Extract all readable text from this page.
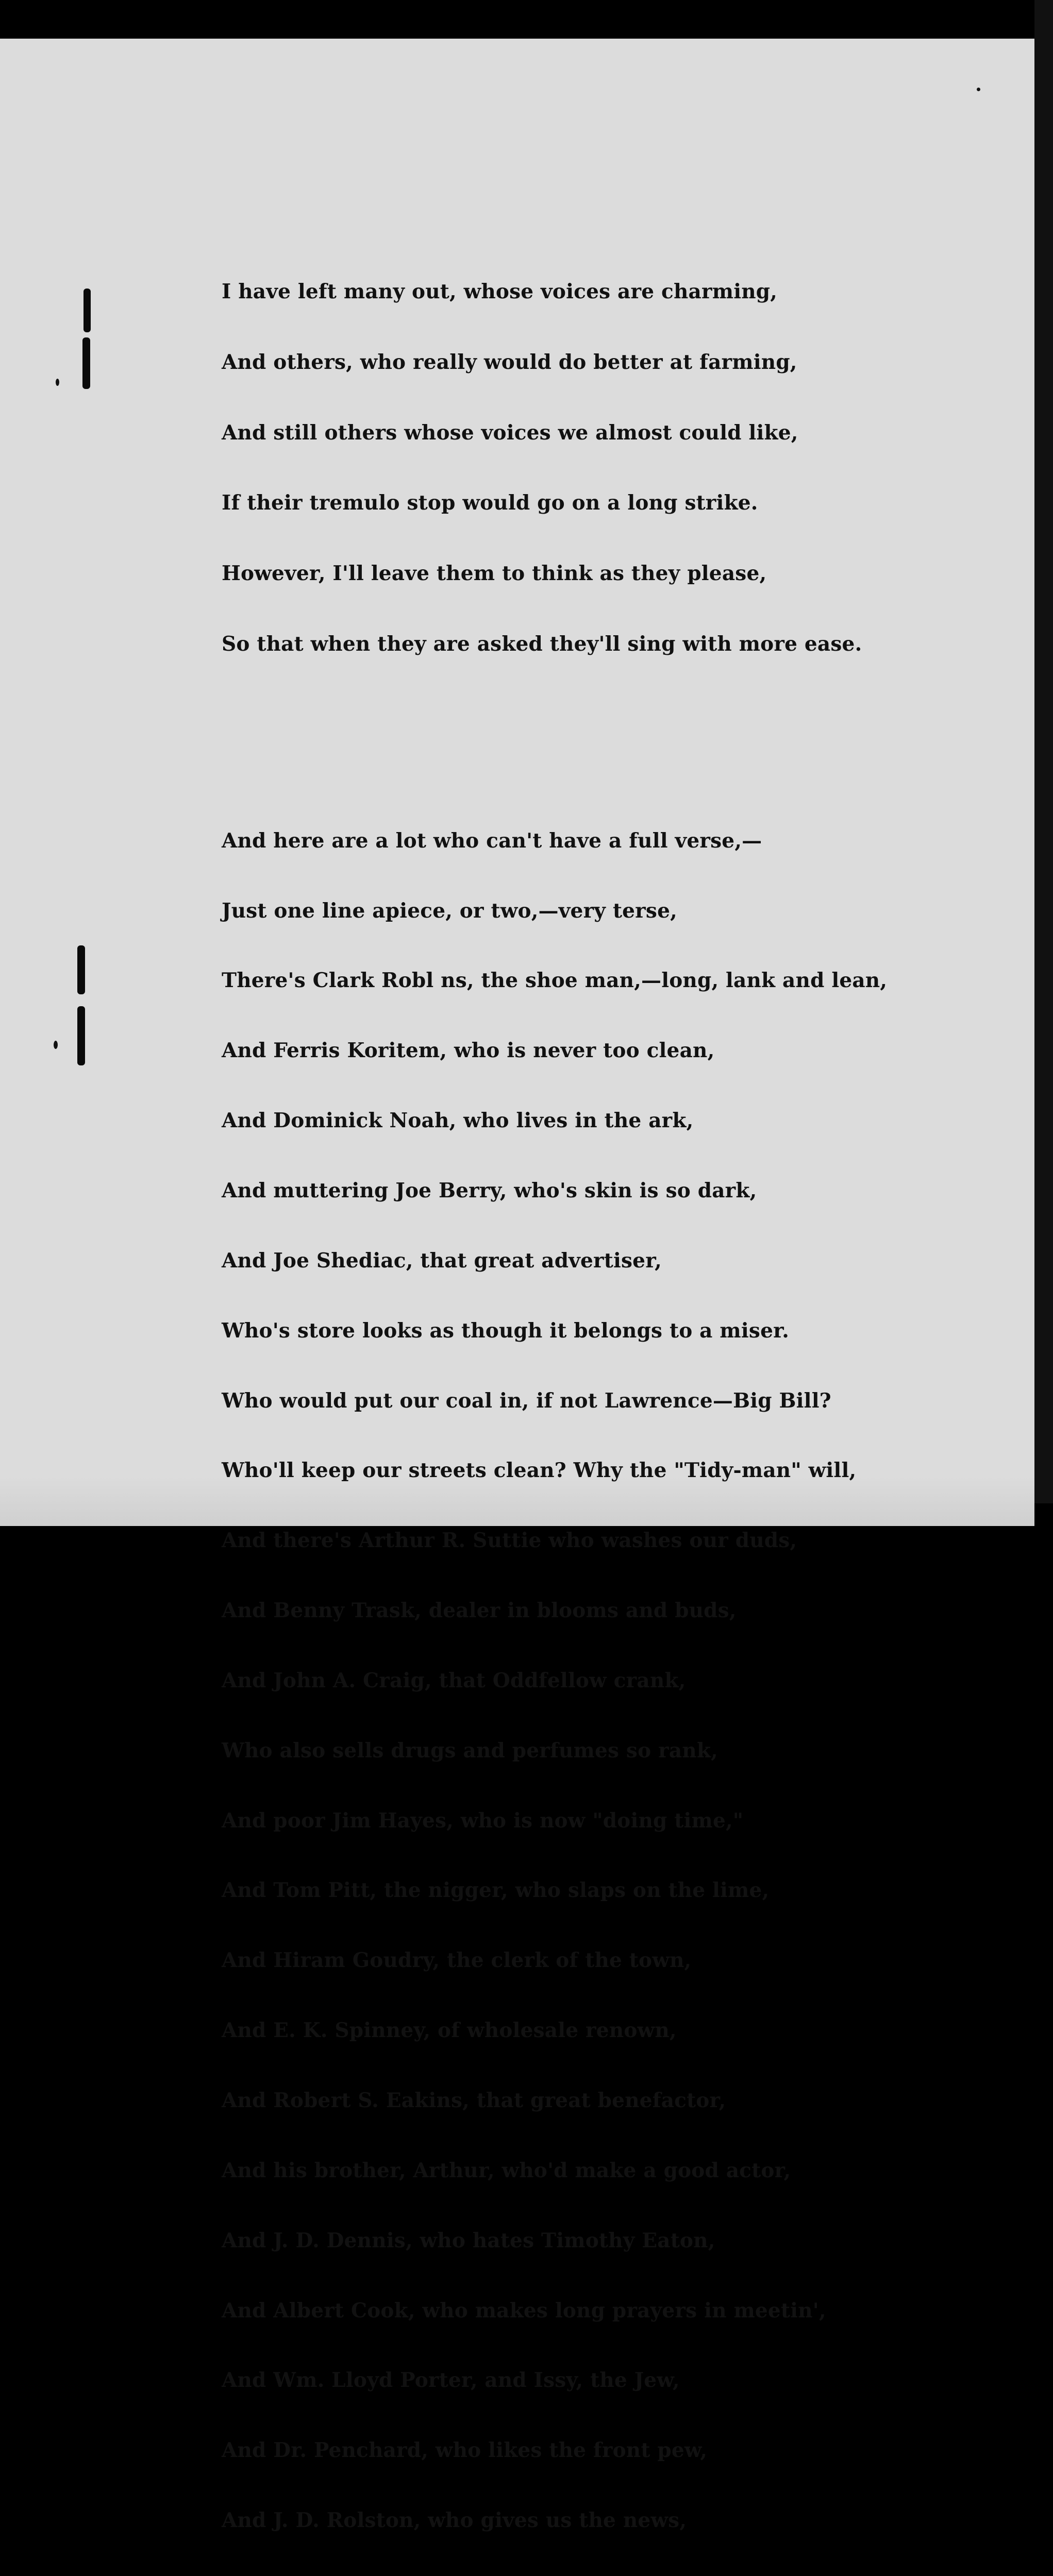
I have left many out, whose voices are charming,

And others, who really would do better at farming,

And still others whose voices we almost could like,

If their tremulo stop would go on a long strike.

However, I'll leave them to think as they please,

So that when they are asked they'll sing with more ease.

And here are a lot who can't have a full verse,—

Just one line apiece, or two,—very terse,

There's Clark Robl ns, the shoe man,—long, lank and lean,

And Ferris Koritem, who is never too clean,

And Dominick Noah, who lives in the ark,

And muttering Joe Berry, who's skin is so dark,

And Joe Shediac, that great advertiser,

Who's store looks as though it belongs to a miser.

Who would put our coal in, if not Lawrence—Big Bill?

Who'll keep our streets clean? Why the "Tidy-man" will,

And there's Arthur R. Suttie who washes our duds,

And Benny Trask, dealer in blooms and buds,

And John A. Craig, that Oddfellow crank,

Who also sells drugs and perfumes so rank,

And poor Jim Hayes, who is now "doing time,"

And Tom Pitt, the nigger, who slaps on the lime,

And Hiram Goudry, the clerk of the town,

And E. K. Spinney, of wholesale renown,

And Robert S. Eakins, that great benefactor,

And his brother, Arthur, who'd make a good actor,

And J. D. Dennis, who hates Timothy Eaton,

And Albert Cook, who makes long prayers in meetin',

And Wm. Lloyd Porter, and Issy, the Jew,

And Dr. Penchard, who likes the front pew,

And J. D. Rolston, who gives us the news,
